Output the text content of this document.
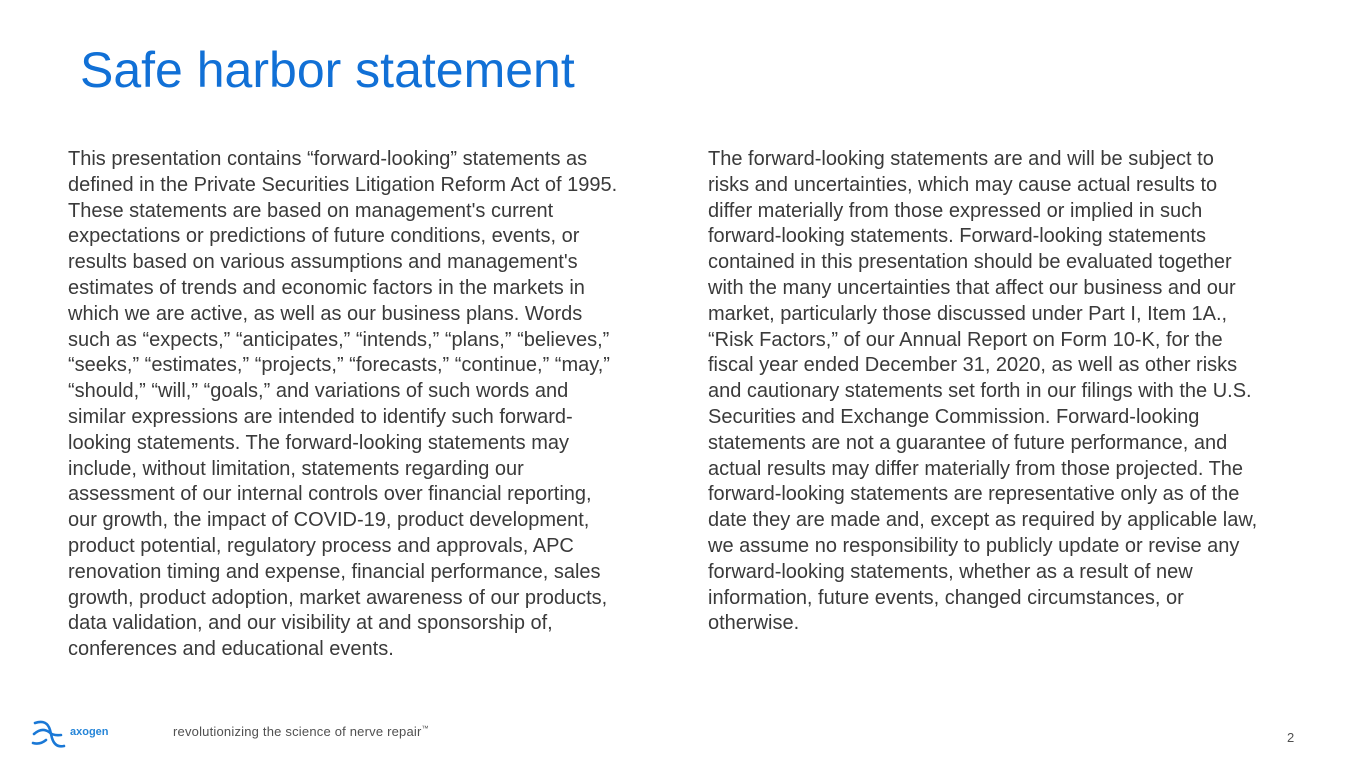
Safe harbor statement
This presentation contains “forward-looking” statements as
defined in the Private Securities Litigation Reform Act of 1995.
These statements are based on management's current
expectations or predictions of future conditions, events, or
results based on various assumptions and management's
estimates of trends and economic factors in the markets in
which we are active, as well as our business plans. Words
such as “expects,” “anticipates,” “intends,” “plans,” “believes,”
“seeks,” “estimates,” “projects,” “forecasts,” “continue,” “may,”
“should,” “will,” “goals,” and variations of such words and
similar expressions are intended to identify such forward-
looking statements. The forward-looking statements may
include, without limitation, statements regarding our
assessment of our internal controls over financial reporting,
our growth, the impact of COVID-19, product development,
product potential, regulatory process and approvals, APC
renovation timing and expense, financial performance, sales
growth, product adoption, market awareness of our products,
data validation, and our visibility at and sponsorship of,
conferences and educational events.
The forward-looking statements are and will be subject to
risks and uncertainties, which may cause actual results to
differ materially from those expressed or implied in such
forward-looking statements. Forward-looking statements
contained in this presentation should be evaluated together
with the many uncertainties that affect our business and our
market, particularly those discussed under Part I, Item 1A.,
“Risk Factors,” of our Annual Report on Form 10-K, for the
fiscal year ended December 31, 2020, as well as other risks
and cautionary statements set forth in our filings with the U.S.
Securities and Exchange Commission. Forward-looking
statements are not a guarantee of future performance, and
actual results may differ materially from those projected. The
forward-looking statements are representative only as of the
date they are made and, except as required by applicable law,
we assume no responsibility to publicly update or revise any
forward-looking statements, whether as a result of new
information, future events, changed circumstances, or
otherwise.
axogen	revolutionizing the science of nerve repair™
2
